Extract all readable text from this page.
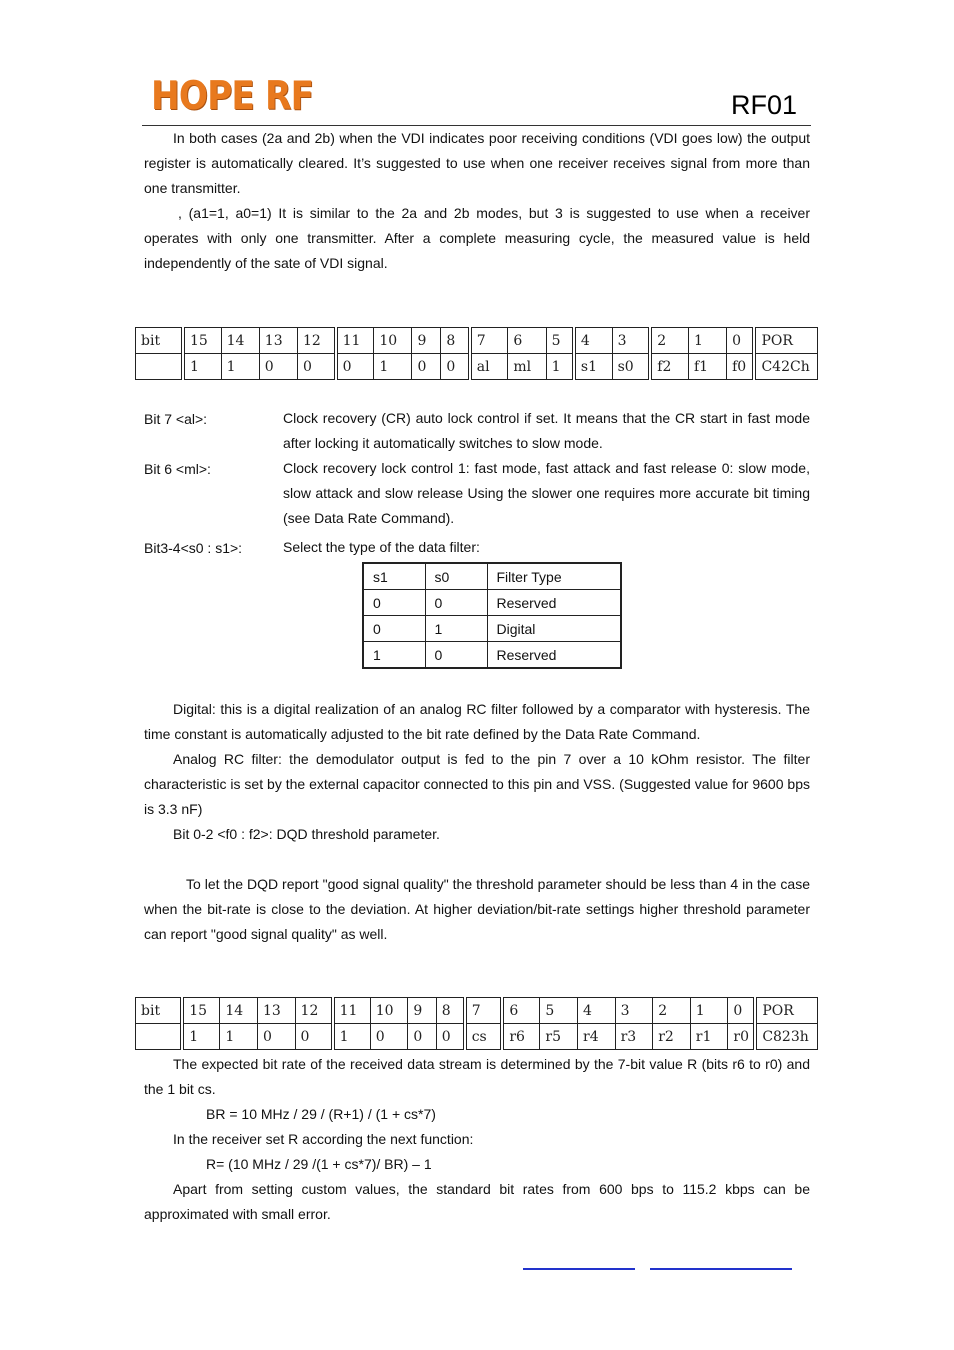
HOPE RF	RF01
In both cases (2a and 2b) when the VDI indicates poor receiving conditions (VDI goes low) the output register is automatically cleared. It’s suggested to use when one receiver receives signal from more than one transmitter.
, (a1=1, a0=1) It is similar to the 2a and 2b modes, but 3 is suggested to use when a receiver operates with only one transmitter. After a complete measuring cycle, the measured value is held independently of the sate of VDI signal.
bit	15	14	13	12	11	10	9	8	7	6	5	4	3	2	1	0	POR
	1	1	0	0	0	1	0	0	al	ml	1	s1	s0	f2	f1	f0	C42Ch
Bit 7 <al>:	Clock recovery (CR) auto lock control if set. It means that the CR start in fast mode after locking it automatically switches to slow mode.
Bit 6 <ml>:	Clock recovery lock control 1: fast mode, fast attack and fast release 0: slow mode, slow attack and slow release Using the slower one requires more accurate bit timing (see Data Rate Command).
Bit3-4<s0 : s1>:	Select the type of the data filter:
s1	s0	Filter Type
0	0	Reserved
0	1	Digital
1	0	Reserved
Digital: this is a digital realization of an analog RC filter followed by a comparator with hysteresis. The time constant is automatically adjusted to the bit rate defined by the Data Rate Command.
Analog RC filter: the demodulator output is fed to the pin 7 over a 10 kOhm resistor. The filter characteristic is set by the external capacitor connected to this pin and VSS. (Suggested value for 9600 bps is 3.3 nF)
Bit 0-2 <f0 : f2>: DQD threshold parameter.
To let the DQD report "good signal quality" the threshold parameter should be less than 4 in the case when the bit-rate is close to the deviation. At higher deviation/bit-rate settings higher threshold parameter can report "good signal quality" as well.
bit	15	14	13	12	11	10	9	8	7	6	5	4	3	2	1	0	POR
	1	1	0	0	1	0	0	0	cs	r6	r5	r4	r3	r2	r1	r0	C823h
The expected bit rate of the received data stream is determined by the 7-bit value R (bits r6 to r0) and the 1 bit cs.
BR = 10 MHz / 29 / (R+1) / (1 + cs*7)
In the receiver set R according the next function:
R= (10 MHz / 29 /(1 + cs*7)/ BR) – 1
Apart from setting custom values, the standard bit rates from 600 bps to 115.2 kbps can be approximated with small error.
